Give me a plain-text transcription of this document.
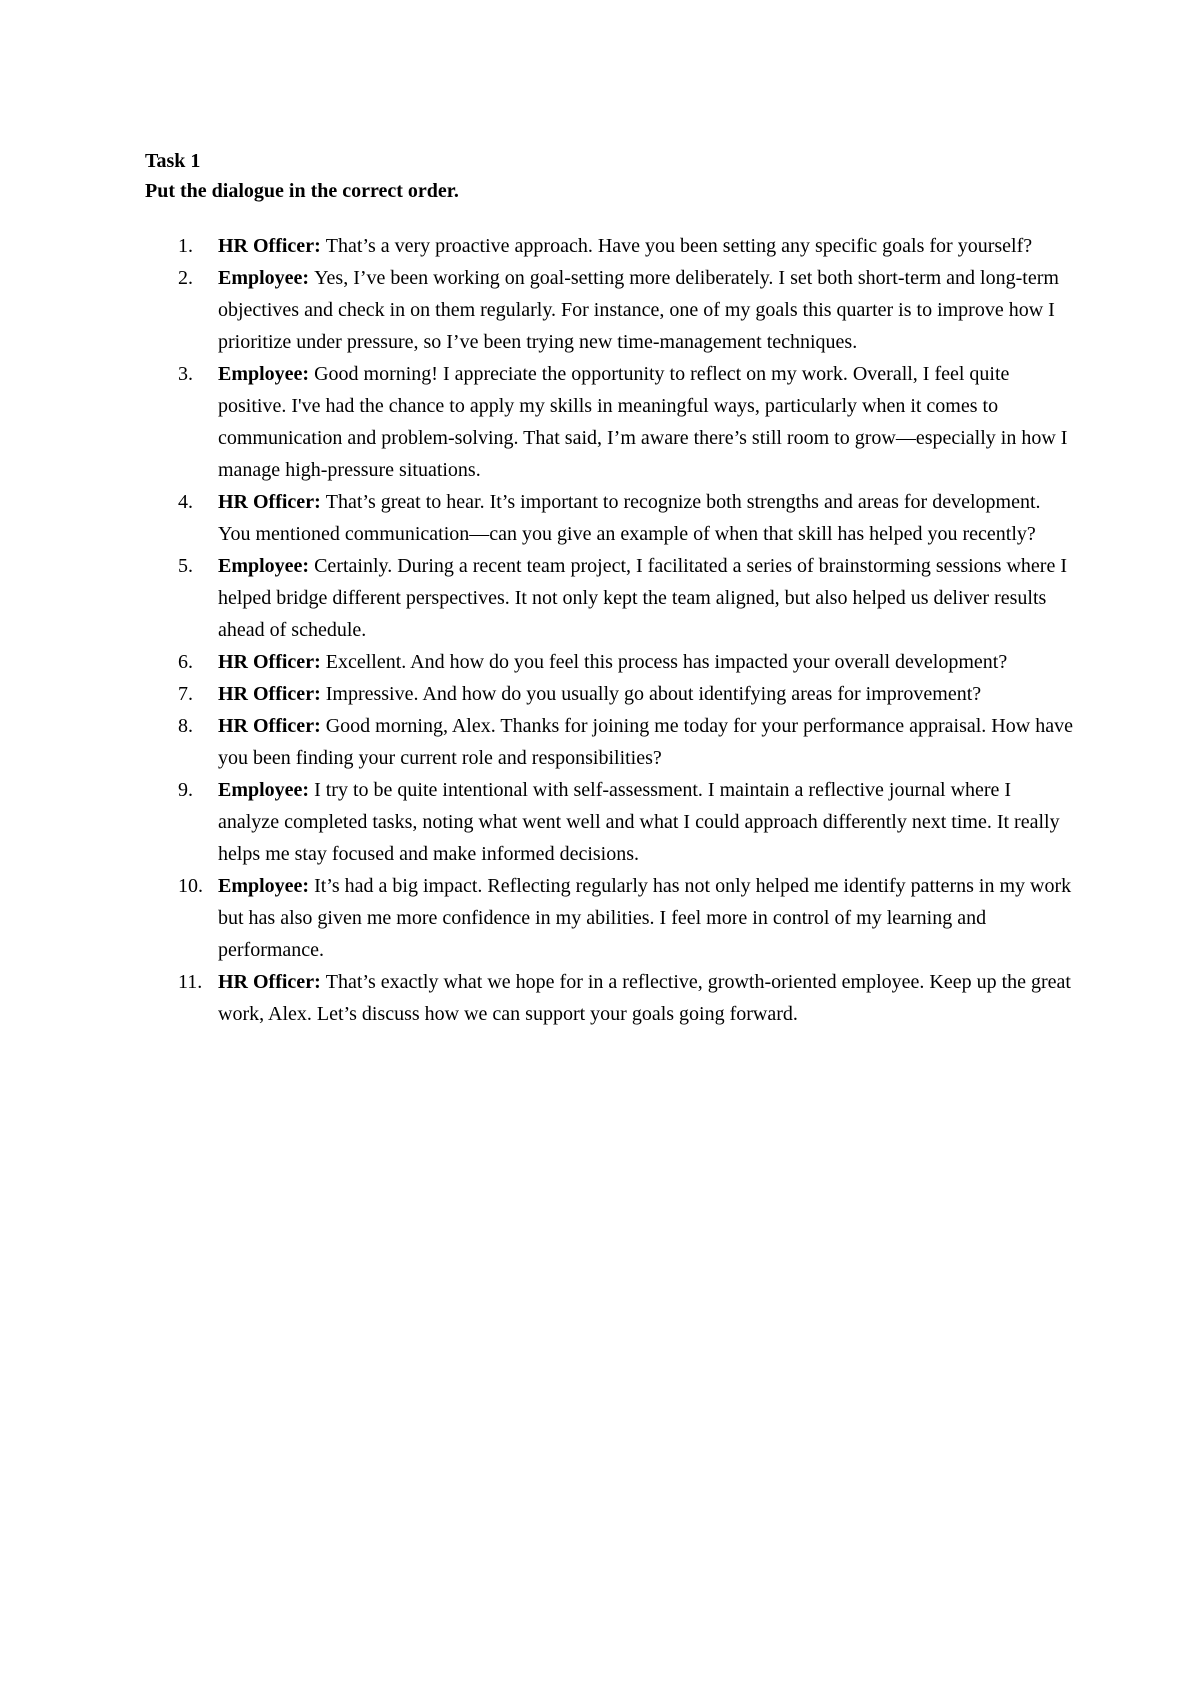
Task 1

Put the dialogue in the correct order.

1. HR Officer: That’s a very proactive approach. Have you been setting any specific goals for yourself?
2. Employee: Yes, I’ve been working on goal-setting more deliberately. I set both short-term and long-term objectives and check in on them regularly. For instance, one of my goals this quarter is to improve how I prioritize under pressure, so I’ve been trying new time-management techniques.
3. Employee: Good morning! I appreciate the opportunity to reflect on my work. Overall, I feel quite positive. I've had the chance to apply my skills in meaningful ways, particularly when it comes to communication and problem-solving. That said, I’m aware there’s still room to grow—especially in how I manage high-pressure situations.
4. HR Officer: That’s great to hear. It’s important to recognize both strengths and areas for development. You mentioned communication—can you give an example of when that skill has helped you recently?
5. Employee: Certainly. During a recent team project, I facilitated a series of brainstorming sessions where I helped bridge different perspectives. It not only kept the team aligned, but also helped us deliver results ahead of schedule.
6. HR Officer: Excellent. And how do you feel this process has impacted your overall development?
7. HR Officer: Impressive. And how do you usually go about identifying areas for improvement?
8. HR Officer: Good morning, Alex. Thanks for joining me today for your performance appraisal. How have you been finding your current role and responsibilities?
9. Employee: I try to be quite intentional with self-assessment. I maintain a reflective journal where I analyze completed tasks, noting what went well and what I could approach differently next time. It really helps me stay focused and make informed decisions.
10. Employee: It’s had a big impact. Reflecting regularly has not only helped me identify patterns in my work but has also given me more confidence in my abilities. I feel more in control of my learning and performance.
11. HR Officer: That’s exactly what we hope for in a reflective, growth-oriented employee. Keep up the great work, Alex. Let’s discuss how we can support your goals going forward.
